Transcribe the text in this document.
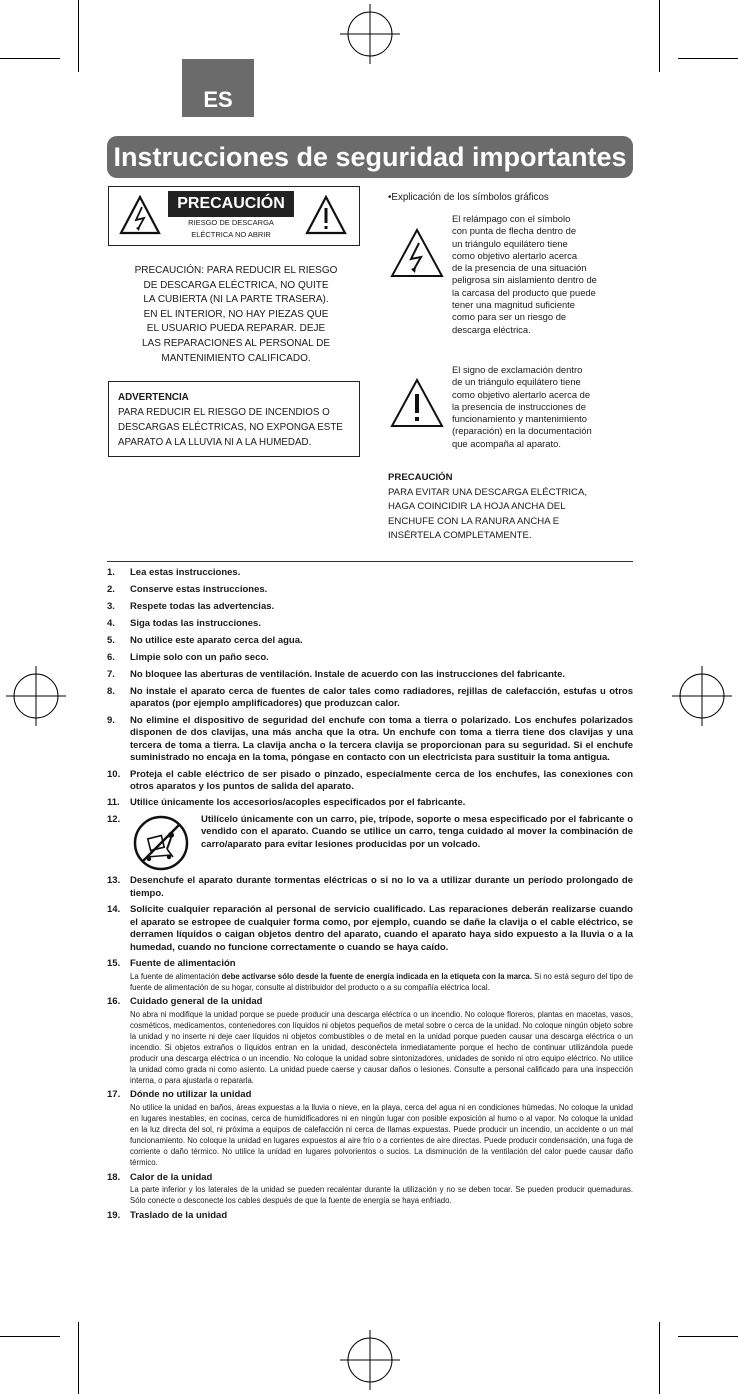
ES
Instrucciones de seguridad importantes
PRECAUCIÓN
RIESGO DE DESCARGA
ELÉCTRICA NO ABRIR
PRECAUCIÓN: PARA REDUCIR EL RIESGO
DE DESCARGA ELÉCTRICA, NO QUITE
LA CUBIERTA (NI LA PARTE TRASERA).
EN EL INTERIOR, NO HAY PIEZAS QUE
EL USUARIO PUEDA REPARAR. DEJE
LAS REPARACIONES AL PERSONAL DE
MANTENIMIENTO CALIFICADO.
ADVERTENCIA
PARA REDUCIR EL RIESGO DE INCENDIOS O
DESCARGAS ELÉCTRICAS, NO EXPONGA ESTE
APARATO A LA LLUVIA NI A LA HUMEDAD.
•Explicación de los símbolos gráficos
El relámpago con el símbolo
con punta de flecha dentro de
un triángulo equilátero tiene
como objetivo alertarlo acerca
de la presencia de una situación
peligrosa sin aislamiento dentro de
la carcasa del producto que puede
tener una magnitud suficiente
como para ser un riesgo de
descarga eléctrica.
El signo de exclamación dentro
de un triángulo equilátero tiene
como objetivo alertarlo acerca de
la presencia de instrucciones de
funcionamiento y mantenimiento
(reparación) en la documentación
que acompaña al aparato.
PRECAUCIÓN
PARA EVITAR UNA DESCARGA ELÉCTRICA,
HAGA COINCIDIR LA HOJA ANCHA DEL
ENCHUFE CON LA RANURA ANCHA E
INSÉRTELA COMPLETAMENTE.
1. Lea estas instrucciones.
2. Conserve estas instrucciones.
3. Respete todas las advertencias.
4. Siga todas las instrucciones.
5. No utilice este aparato cerca del agua.
6. Limpie solo con un paño seco.
7. No bloquee las aberturas de ventilación. Instale de acuerdo con las instrucciones del fabricante.
8. No instale el aparato cerca de fuentes de calor tales como radiadores, rejillas de calefacción, estufas u otros aparatos (por ejemplo amplificadores) que produzcan calor.
9. No elimine el dispositivo de seguridad del enchufe con toma a tierra o polarizado. Los enchufes polarizados disponen de dos clavijas, una más ancha que la otra. Un enchufe con toma a tierra tiene dos clavijas y una tercera de toma a tierra. La clavija ancha o la tercera clavija se proporcionan para su seguridad. Si el enchufe suministrado no encaja en la toma, póngase en contacto con un electricista para sustituir la toma antigua.
10. Proteja el cable eléctrico de ser pisado o pinzado, especialmente cerca de los enchufes, las conexiones con otros aparatos y los puntos de salida del aparato.
11. Utilice únicamente los accesorios/acoples especificados por el fabricante.
12.	Utilícelo únicamente con un carro, pie, trípode, soporte o mesa especificado por el fabricante o vendido con el aparato. Cuando se utilice un carro, tenga cuidado al mover la combinación de carro/aparato para evitar lesiones producidas por un volcado.
13. Desenchufe el aparato durante tormentas eléctricas o si no lo va a utilizar durante un período prolongado de tiempo.
14. Solicite cualquier reparación al personal de servicio cualificado. Las reparaciones deberán realizarse cuando el aparato se estropee de cualquier forma como, por ejemplo, cuando se dañe la clavija o el cable eléctrico, se derramen líquidos o caigan objetos dentro del aparato, cuando el aparato haya sido expuesto a la lluvia o a la humedad, cuando no funcione correctamente o cuando se haya caído.
15. Fuente de alimentación
La fuente de alimentación debe activarse sólo desde la fuente de energía indicada en la etiqueta con la marca. Si no está seguro del tipo de fuente de alimentación de su hogar, consulte al distribuidor del producto o a su compañía eléctrica local.
16. Cuidado general de la unidad
No abra ni modifique la unidad porque se puede producir una descarga eléctrica o un incendio. No coloque floreros, plantas en macetas, vasos, cosméticos, medicamentos, contenedores con líquidos ni objetos pequeños de metal sobre o cerca de la unidad. No coloque ningún objeto sobre la unidad y no inserte ni deje caer líquidos ni objetos combustibles o de metal en la unidad porque pueden causar una descarga eléctrica o un incendio. Si objetos extraños o líquidos entran en la unidad, desconéctela inmediatamente porque el hecho de continuar utilizándola puede producir una descarga eléctrica o un incendio. No coloque la unidad sobre sintonizadores, unidades de sonido ni otro equipo eléctrico. No utilice la unidad como grada ni como asiento. La unidad puede caerse y causar daños o lesiones. Consulte a personal calificado para una inspección interna, o para ajustarla o repararla.
17. Dónde no utilizar la unidad
No utilice la unidad en baños, áreas expuestas a la lluvia o nieve, en la playa, cerca del agua ni en condiciones húmedas. No coloque la unidad en lugares inestables, en cocinas, cerca de humidificadores ni en ningún lugar con posible exposición al humo o al vapor. No coloque la unidad en la luz directa del sol, ni próxima a equipos de calefacción ni cerca de llamas expuestas. Puede producir un incendio, un accidente o un mal funcionamiento. No coloque la unidad en lugares expuestos al aire frío o a corrientes de aire directas. Puede producir condensación, una fuga de corriente o daño térmico. No utilice la unidad en lugares polvorientos o sucios. La disminución de la ventilación del calor puede causar daño térmico.
18. Calor de la unidad
La parte inferior y los laterales de la unidad se pueden recalentar durante la utilización y no se deben tocar. Se pueden producir quemaduras. Sólo conecte o desconecte los cables después de que la fuente de energía se haya enfriado.
19. Traslado de la unidad
